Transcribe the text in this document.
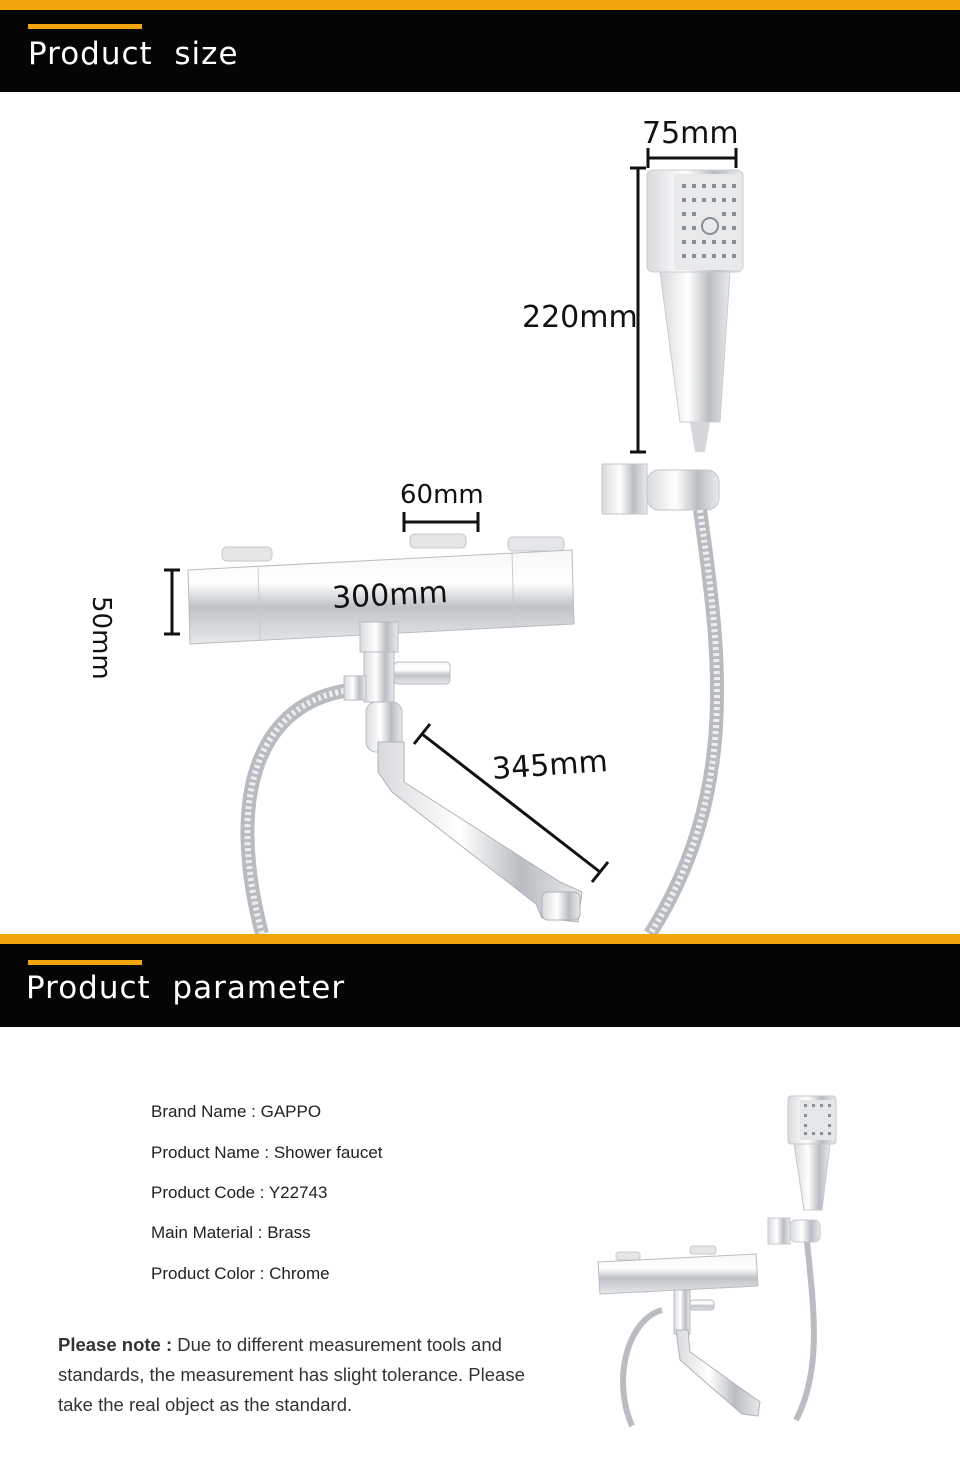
Product  size
75mm
220mm
60mm
50mm
300mm
345mm
Product  parameter
Brand Name : GAPPO
Product Name : Shower faucet
Product Code : Y22743
Main Material : Brass
Product Color : Chrome
Please note : Due to different measurement tools and standards, the measurement has slight tolerance. Please take the real object as the standard.
